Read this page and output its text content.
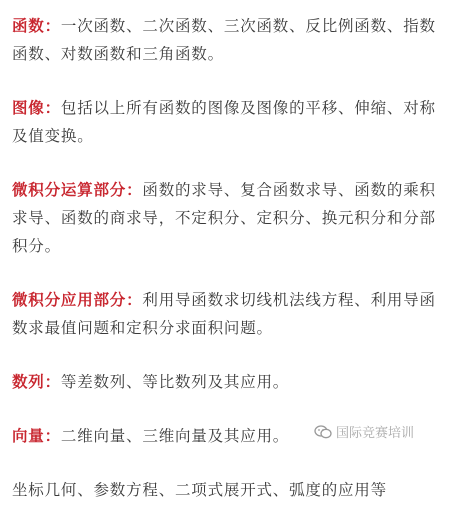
函数：一次函数、二次函数、三次函数、反比例函数、指数函数、对数函数和三角函数。

图像：包括以上所有函数的图像及图像的平移、伸缩、对称及值变换。

微积分运算部分：函数的求导、复合函数求导、函数的乘积求导、函数的商求导，不定积分、定积分、换元积分和分部积分。

微积分应用部分：利用导函数求切线机法线方程、利用导函数求最值问题和定积分求面积问题。

数列：等差数列、等比数列及其应用。

向量：二维向量、三维向量及其应用。

坐标几何、参数方程、二项式展开式、弧度的应用等

国际竞赛培训
